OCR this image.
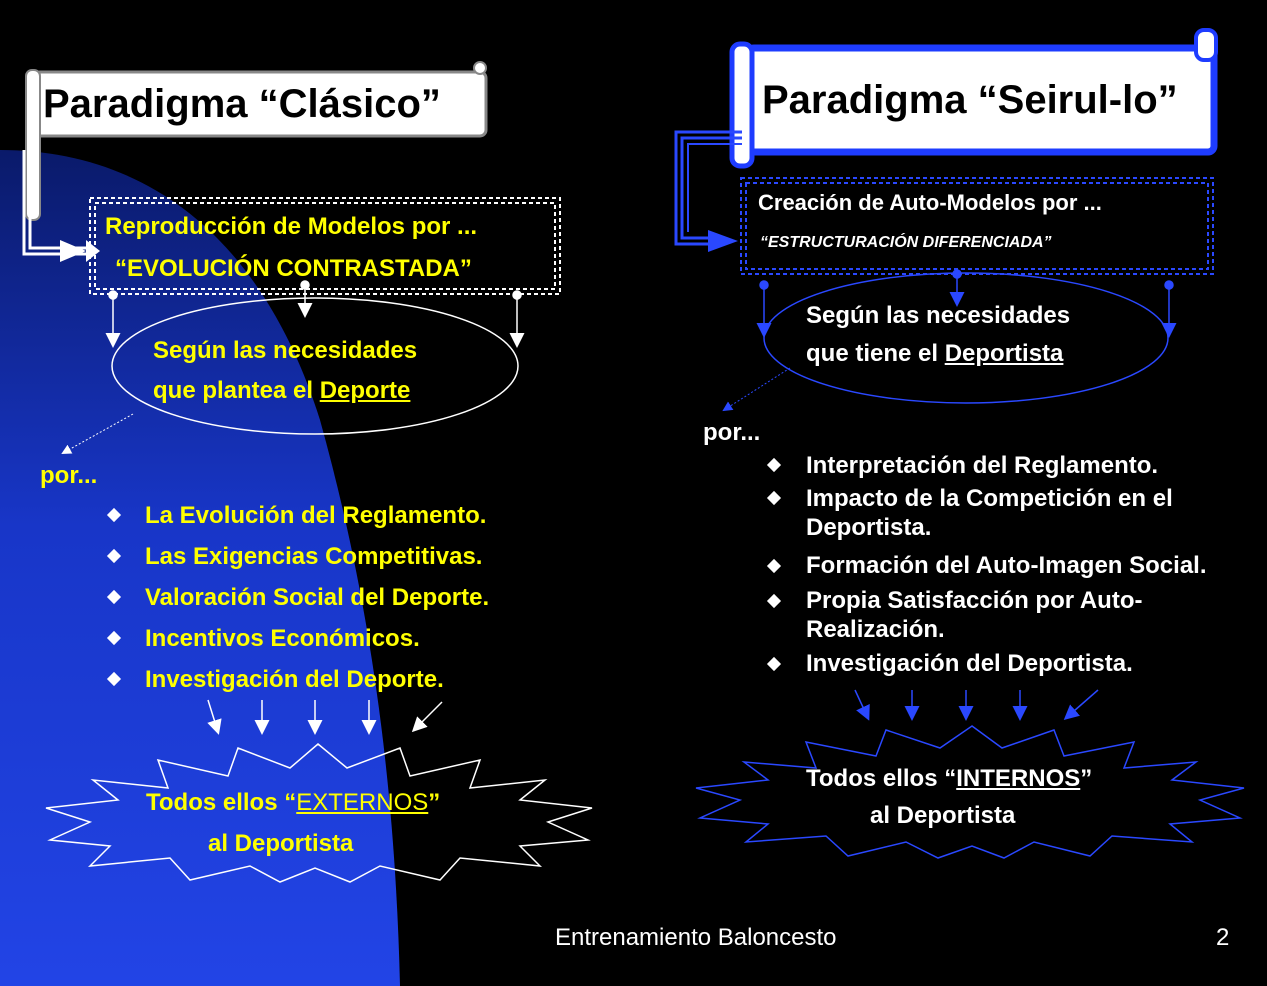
Paradigma “Clásico”
Reproducción de Modelos por ...
“EVOLUCIÓN CONTRASTADA”
Según las necesidades
que plantea el Deporte
por...
La Evolución del Reglamento.
Las Exigencias Competitivas.
Valoración Social del Deporte.
Incentivos Económicos.
Investigación del Deporte.
Todos ellos “EXTERNOS”
al Deportista
Paradigma “Seirul-lo”
Creación de Auto-Modelos por ...
“ESTRUCTURACIÓN DIFERENCIADA”
Según las necesidades
que tiene el Deportista
por...
Interpretación del Reglamento.
Impacto de la Competición en el
Deportista.
Formación del Auto-Imagen Social.
Propia Satisfacción por Auto-
Realización.
Investigación del Deportista.
Todos ellos “INTERNOS”
al Deportista
Entrenamiento Baloncesto	2
